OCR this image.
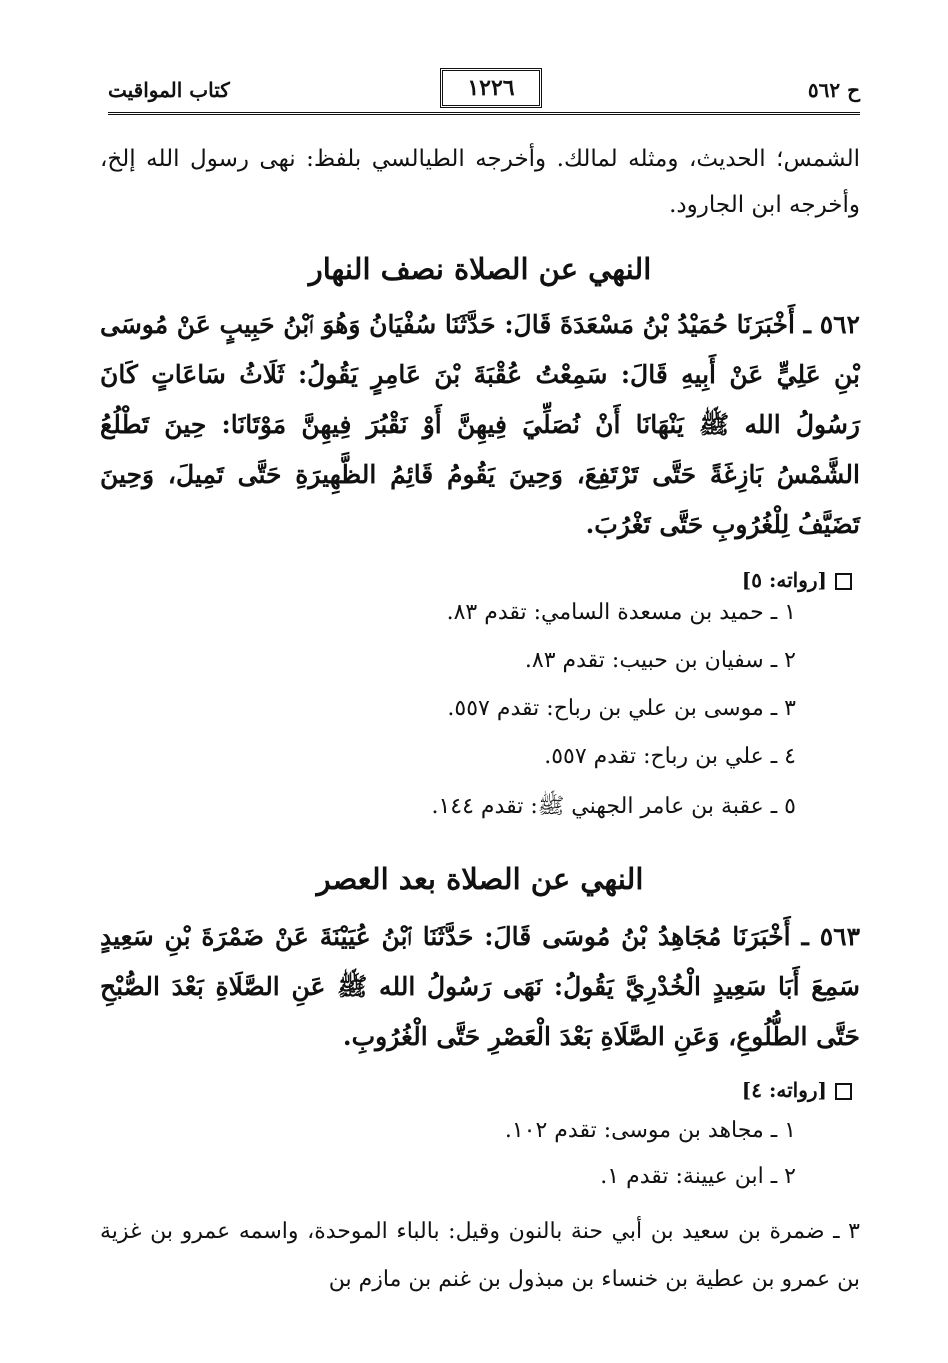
كتاب المواقيت	١٢٢٦	ح ٥٦٢
الشمس؛ الحديث، ومثله لمالك. وأخرجه الطيالسي بلفظ: نهى رسول الله إلخ، وأخرجه ابن الجارود.
النهي عن الصلاة نصف النهار
٥٦٢ ـ أَخْبَرَنَا حُمَيْدُ بْنُ مَسْعَدَةَ قَالَ: حَدَّثَنَا سُفْيَانُ وَهُوَ ٱبْنُ حَبِيبٍ عَنْ مُوسَى بْنِ عَلِيٍّ عَنْ أَبِيهِ قَالَ: سَمِعْتُ عُقْبَةَ بْنَ عَامِرٍ يَقُولُ: ثَلَاثُ سَاعَاتٍ كَانَ رَسُولُ الله ﷺ يَنْهَانَا أَنْ نُصَلِّيَ فِيهِنَّ أَوْ نَقْبُرَ فِيهِنَّ مَوْتَانَا: حِينَ تَطْلُعُ الشَّمْسُ بَازِغَةً حَتَّى تَرْتَفِعَ، وَحِينَ يَقُومُ قَائِمُ الظَّهِيرَةِ حَتَّى تَمِيلَ، وَحِينَ تَضَيَّفُ لِلْغُرُوبِ حَتَّى تَغْرُبَ.
[رواته: ٥]
١ ـ حميد بن مسعدة السامي: تقدم ٨٣.
٢ ـ سفيان بن حبيب: تقدم ٨٣.
٣ ـ موسى بن علي بن رباح: تقدم ٥٥٧.
٤ ـ علي بن رباح: تقدم ٥٥٧.
٥ ـ عقبة بن عامر الجهني ﷺ: تقدم ١٤٤.
النهي عن الصلاة بعد العصر
٥٦٣ ـ أَخْبَرَنَا مُجَاهِدُ بْنُ مُوسَى قَالَ: حَدَّثَنَا ٱبْنُ عُيَيْنَةَ عَنْ ضَمْرَةَ بْنِ سَعِيدٍ سَمِعَ أَبَا سَعِيدٍ الْخُدْرِيَّ يَقُولُ: نَهَى رَسُولُ الله ﷺ عَنِ الصَّلَاةِ بَعْدَ الصُّبْحِ حَتَّى الطُّلُوعِ، وَعَنِ الصَّلَاةِ بَعْدَ الْعَصْرِ حَتَّى الْغُرُوبِ.
[رواته: ٤]
١ ـ مجاهد بن موسى: تقدم ١٠٢.
٢ ـ ابن عيينة: تقدم ١.
٣ ـ ضمرة بن سعيد بن أبي حنة بالنون وقيل: بالباء الموحدة، واسمه عمرو بن غزية بن عمرو بن عطية بن خنساء بن مبذول بن غنم بن مازم بن
